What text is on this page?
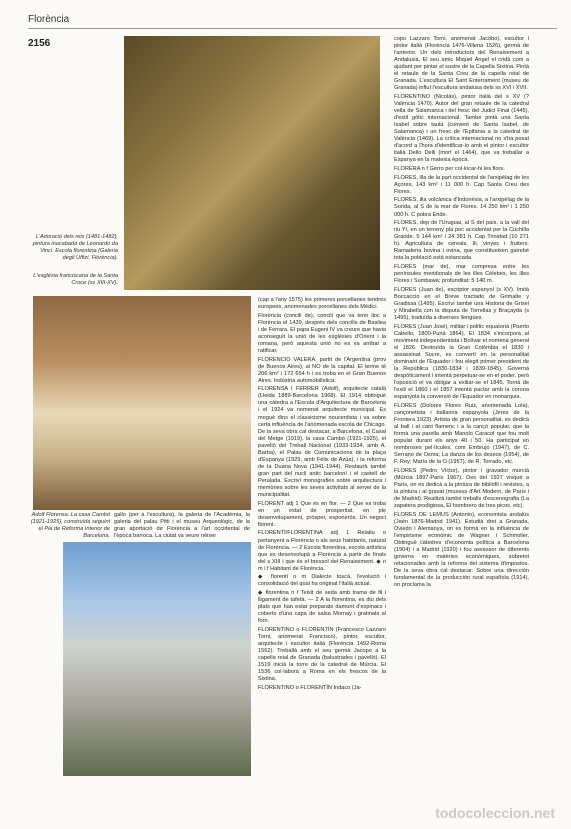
Florència
2156
L'Adoració dels reis (1481-1482), pintura inacabada de Leonardo da Vinci. Escola florentina (Galeria degli Uffizi, Florència).
L'església franciscana de la Santa Croce (ss XIII-XV).
Adolf Florensa. La casa Cambó (1921-1925), construïda seguint el Pla de Reforma Interior de Barcelona.
gallo (per a l'escultura), la galeria de l'Acadèmia, la galeria del palau Pitti i el museu Arqueològic, de la gran aportació de Florència a l'art occidental de l'època barroca. La ciutat va veure néixer

(cap a l'any 1575) les primeres porcellanes tendres europees, anomenades porcellanes dels Mèdici.

Florència (concili de), concili que va tenir lloc a Florència el 1439, després dels concilis de Basilea i de Ferrara. El papa Eugeni IV va creure que havia aconseguit la unió de les esglésies d'Orient i la romana, però aquesta unió no es va arribar a ratificar.

FLORENCIO VALERA, partit de l'Argentina (prov de Buenos Aires), al NO de la capital. El terme té 206 km² i 172 654 h i es troba en el Gran Buenos Aires. Indústria automobilística.

FLORENSA I FERRER (Adolf), arquitecte català (Lleida 1889-Barcelona 1968). El 1914 obtingué una càtedra a l'Escola d'Arquitectura de Barcelona i el 1924 va nomenat arquitecte municipal. Es mogué dins el classicisme noucentista i va sobre certa influència de l'anomenada escola de Chicago. De la seva obra cal destacar, a Barcelona, el Casal del Metge (1919), la casa Cambó (1921-1925), el pavelló del Treball Nacional (1933-1934, amb A. Barba), el Palau de Comunicacions de la plaça d'Espanya (1929, amb Fèlix de Azúa), i la reforma de la Duana Nova (1941-1944). Restaurà també gran part del nucli antic barceloní i el castell de Peralada. Escriví monografies sobre arquitectura i memòries sobre les seves activitats al servei de la municipalitat.

FLORENT adj 1 Que és en flor. — 2 Que es troba en un estat de prosperitat, en ple desenvolupament, pròsper, esponerós. Un negoci florent.

FLORENTÍ/FLORENTINA adj 1 Relatiu o pertanyent a Florència o als seus habitants, natural de Florència. — 2 Escola florentina, escola artística que es desenvolupà a Florència a partir de finals del s XIII i que és el bressol del Renaixement. ◆ n m i f Habitant de Florència.

◆ florentí n m Dialecte toscà, l'evolució i consolidació del qual ha originat l'italià actual.

◆ florentina n f Teixit de seda amb trama de fil i lligament de tafetà. — 2 A la florentina, es diu dels plats que han estat preparats damunt d'espinacs i coberts d'una capa de salsa Mornay i gratinats al forn.

FLORENTINO o FLORENTÍN (Francesco Lazzaro Torni, anomenat Francisco), pintor, escultor, arquitecte i escultor italià (Florència 1492-Roma 1562). Treballà amb el seu germà Jacopo a la capella reial de Granada (balustrades i pavelló). El 1519 inicià la torre de la catedral de Múrcia. El 1536 col·laborà a Roma en els frescos de la Sixtina.

FLORENTINO o FLORENTÍN Indaco (Ja-

copo Lazzaro Torni, anomenat Jacobo), escultor i pintor italià (Florència 1476-Villena 1526), germà de l'anterior. Un dels introductors del Renaixement a Andalusia. El seu amic Miquel Àngel el cridà com a ajudant per pintar el sostre de la Capella Sixtina. Pintà el retaule de la Santa Creu de la capella reial de Granada. L'escultura El Sant Enterrament (museu de Granada) influí l'escultura andalusa dels ss XVI i XVII.

FLORENTINO (Nicolás), pintor italià del s XV (? València 1470). Autor del gran retaule de la catedral vella de Salamanca i del fresc del Judici Final (1445), d'estil gòtic internacional. També pintà una Santa Isabel sobre taula (convent de Santa Isabel, de Salamanca) i un fresc de l'Epifania a la catedral de València (1469). La crítica internacional no s'ha posat d'acord a l'hora d'identificar-lo amb el pintor i escultor italià Dello Delli (mort el 1464), que va treballar a Espanya en la mateixa època.

FLORERA n f Gerro per col·locar-hi les flors.

FLORES, illa de la part occidental de l'arxipèlag de les Açores, 143 km² i 11 000 h. Cap Santa Creu des Flores.

FLORES, illa volcànica d'Indonèsia, a l'arxipèlag de la Sonda, al S de la mar de Flores. 14 250 km² i 1 250 000 h. C pobra Ende.

FLORES, dep de l'Uruguai, al S del país, a la vall del riu Yí, en un terreny pla poc accidentat per la Cuchilla Grande. 5 144 km² i 24 381 h. Cap Trinidad (10 271 h). Agricultura de cereals, lli, vinyes i fruiters. Ramaderia bovina i ovina, que constitueixen gairebé tota la població està estancada.

FLORES (mar de), mar compresa entre les penínsules meridionals de les illes Cèlebes, les illes Flores i Sumbawa; profunditat: 5 140 m.

FLORES (Juan de), escriptor espanyol (s XV). Imità Boccaccio en el Breve tractado de Grimalte y Gradissa (1495). Escriví també una Historia de Grisel y Mirabella con la disputa de Torrellas y Braçayda (s 1495), traduïda a diverses llengües.

FLORES (Juan José), militar i polític equatorià (Puerto Cabello, 1800-Puná 1864). El 1834 s'incorporà al moviment independentista i Bolívar el nomenà general el 1826. Destruïda la Gran Colòmbia el 1830 i assassinat Sucre, es convertí en la personalitat dominant de l'Equador i fou elegit primer president de la República (1830-1834 i 1839-1845). Governà despòticament i intentà perpetuar-se en el poder, però l'oposició el va obligar a exiliar-se el 1845. Tornà de l'exili el 1860 i el 1857 intentà pactar amb la corona espanyola la conversió de l'Equador en monarquia.

FLORES (Dolores Flores Ruiz, anomenada Lola), cançonetista i ballarina espanyola (Jerez de la Frontera 1923). Artista de gran personalitat, es dedicà al ball i al cant flamenc i a la cançó popular, que la formà una parella amb Manolo Caracol que fou molt popular durant els anys 40 i 50. Ha participat en nombroses pel·lícules, com Embrujo (1947), de C. Serrano de Osma; La danza de los deseos (1954), de F. Rey; María de la O (1957), de R. Torrado, etc.

FLORES (Pedro Víctor), pintor i gravador murcià (Múrcia 1897-París 1967). Des del 1927 visqué a París, on es dedicà a la pintura de bibliòfil i revistes, a la pintura i al gravat (museus d'Art Modern, de París i de Madrid). Realitzà també treballs d'escenografia (La zapatera prodigiosa, El hombrero de tres picos, etc).

FLORES DE LEMUS (Antonio), economista andalús (Jaén 1876-Madrid 1941). Estudià dret a Granada, Oviedo i Alemanya, on es formà en la influència de l'empirisme econòmic de Wagner i Schmoller. Obtingué càtedres d'economia política a Barcelona (1904) i a Madrid (1920) i fou assessor de diferents governs en matèries econòmiques, sobretot relacionades amb la reforma del sistema d'impostos. De la seva obra cal destacar: Sobre una dirección fundamental de la producción rural española (1914), on proclama la

todocoleccion.net
